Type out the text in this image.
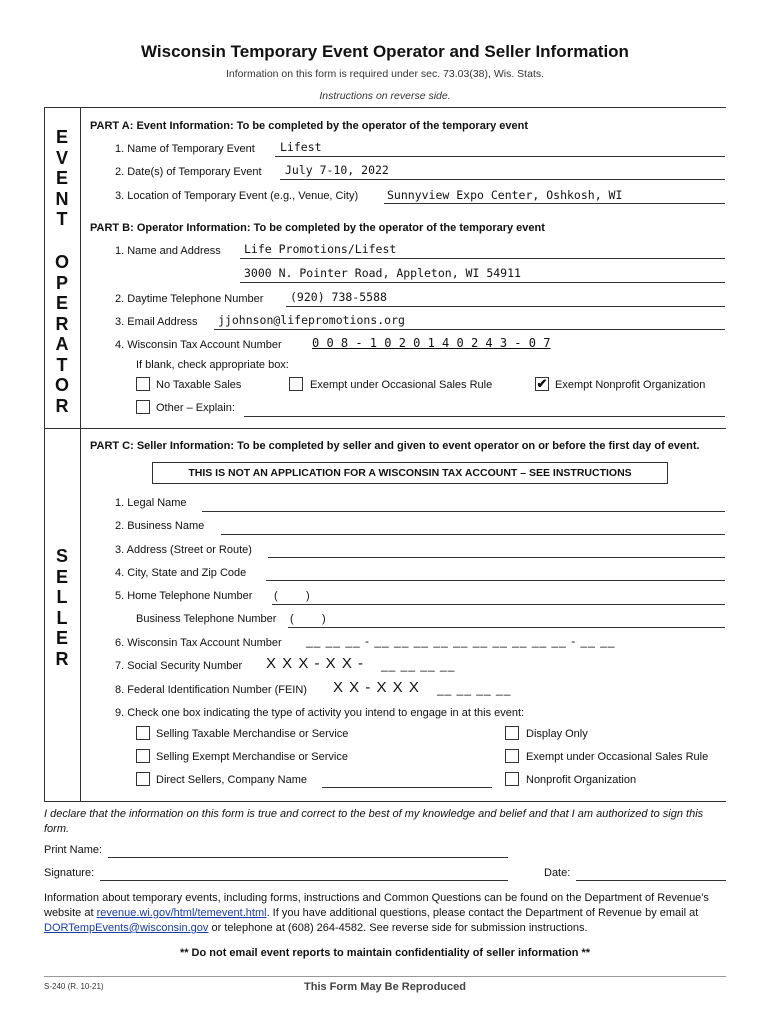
Wisconsin Temporary Event Operator and Seller Information
Information on this form is required under sec. 73.03(38), Wis. Stats.
Instructions on reverse side.
E
V
E
N
T
O
P
E
R
A
T
O
R
S
E
L
L
E
R
PART A: Event Information: To be completed by the operator of the temporary event
1. Name of Temporary Event Lifest
2. Date(s) of Temporary Event July 7-10, 2022
3. Location of Temporary Event (e.g., Venue, City)	Sunnyview Expo Center, Oshkosh, WI
PART B: Operator Information: To be completed by the operator of the temporary event
1. Name and Address Life Promotions/Lifest
3000 N. Pointer Road, Appleton, WI 54911
2. Daytime Telephone Number (920) 738-5588
3. Email Address jjohnson@lifepromotions.org
4. Wisconsin Tax Account Number	0 0 8 - 1 0 2 0 1 4 0 2 4 3 - 0 7
If blank, check appropriate box:
No Taxable Sales	Exempt under Occasional Sales Rule	✔ Exempt Nonprofit Organization
Other – Explain:
PART C: Seller Information: To be completed by seller and given to event operator on or before the first day of event.
THIS IS NOT AN APPLICATION FOR A WISCONSIN TAX ACCOUNT – SEE INSTRUCTIONS
1. Legal Name
2. Business Name
3. Address (Street or Route)
4. City, State and Zip Code
5. Home Telephone Number (	)
Business Telephone Number (	)
6. Wisconsin Tax Account Number __ __ __ - __ __ __ __ __ __ __ __ __ __ - __ __
7. Social Security Number X X X - X X - __ __ __ __
8. Federal Identification Number (FEIN) X X - X X X __ __ __ __
9. Check one box indicating the type of activity you intend to engage in at this event:
Selling Taxable Merchandise or Service
Selling Exempt Merchandise or Service
Direct Sellers, Company Name
Display Only
Exempt under Occasional Sales Rule
Nonprofit Organization
I declare that the information on this form is true and correct to the best of my knowledge and belief and that I am authorized to sign this form.
Print Name:
Signature:	Date:
Information about temporary events, including forms, instructions and Common Questions can be found on the Department of Revenue's website at revenue.wi.gov/html/temevent.html. If you have additional questions, please contact the Department of Revenue by email at DORTempEvents@wisconsin.gov or telephone at (608) 264-4582. See reverse side for submission instructions.
** Do not email event reports to maintain confidentiality of seller information **
S-240 (R. 10-21)	This Form May Be Reproduced
